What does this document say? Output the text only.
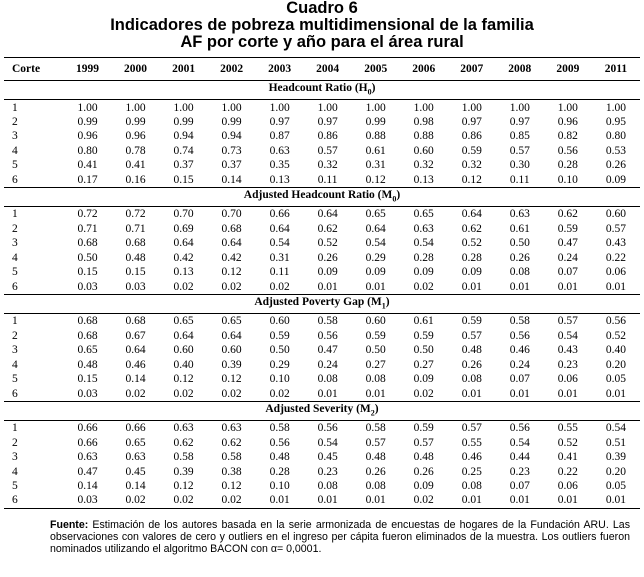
Cuadro 6
Indicadores de pobreza multidimensional de la familia
AF por corte y año para el área rural
Corte	1999	2000	2001	2002	2003	2004	2005	2006	2007	2008	2009	2011
Headcount Ratio $(H_0)$												
1	1.00	1.00	1.00	1.00	1.00	1.00	1.00	1.00	1.00	1.00	1.00	1.00
2	0.99	0.99	0.99	0.99	0.97	0.97	0.99	0.98	0.97	0.97	0.96	0.95
3	0.96	0.96	0.94	0.94	0.87	0.86	0.88	0.88	0.86	0.85	0.82	0.80
4	0.80	0.78	0.74	0.73	0.63	0.57	0.61	0.60	0.59	0.57	0.56	0.53
5	0.41	0.41	0.37	0.37	0.35	0.32	0.31	0.32	0.32	0.30	0.28	0.26
6	0.17	0.16	0.15	0.14	0.13	0.11	0.12	0.13	0.12	0.11	0.10	0.09
Adjusted Headcount Ratio $(M_0)$												
1	0.72	0.72	0.70	0.70	0.66	0.64	0.65	0.65	0.64	0.63	0.62	0.60
2	0.71	0.71	0.69	0.68	0.64	0.62	0.64	0.63	0.62	0.61	0.59	0.57
3	0.68	0.68	0.64	0.64	0.54	0.52	0.54	0.54	0.52	0.50	0.47	0.43
4	0.50	0.48	0.42	0.42	0.31	0.26	0.29	0.28	0.28	0.26	0.24	0.22
5	0.15	0.15	0.13	0.12	0.11	0.09	0.09	0.09	0.09	0.08	0.07	0.06
6	0.03	0.03	0.02	0.02	0.02	0.01	0.01	0.02	0.01	0.01	0.01	0.01
Adjusted Poverty Gap $(M_1)$												
1	0.68	0.68	0.65	0.65	0.60	0.58	0.60	0.61	0.59	0.58	0.57	0.56
2	0.68	0.67	0.64	0.64	0.59	0.56	0.59	0.59	0.57	0.56	0.54	0.52
3	0.65	0.64	0.60	0.60	0.50	0.47	0.50	0.50	0.48	0.46	0.43	0.40
4	0.48	0.46	0.40	0.39	0.29	0.24	0.27	0.27	0.26	0.24	0.23	0.20
5	0.15	0.14	0.12	0.12	0.10	0.08	0.08	0.09	0.08	0.07	0.06	0.05
6	0.03	0.02	0.02	0.02	0.02	0.01	0.01	0.02	0.01	0.01	0.01	0.01
Adjusted Severity $(M_2)$												
1	0.66	0.66	0.63	0.63	0.58	0.56	0.58	0.59	0.57	0.56	0.55	0.54
2	0.66	0.65	0.62	0.62	0.56	0.54	0.57	0.57	0.55	0.54	0.52	0.51
3	0.63	0.63	0.58	0.58	0.48	0.45	0.48	0.48	0.46	0.44	0.41	0.39
4	0.47	0.45	0.39	0.38	0.28	0.23	0.26	0.26	0.25	0.23	0.22	0.20
5	0.14	0.14	0.12	0.12	0.10	0.08	0.08	0.09	0.08	0.07	0.06	0.05
6	0.03	0.02	0.02	0.02	0.01	0.01	0.01	0.02	0.01	0.01	0.01	0.01
Fuente: Estimación de los autores basada en la serie armonizada de encuestas de hogares de la Fundación ARU. Las observaciones con valores de cero y outliers en el ingreso per cápita fueron eliminados de la muestra. Los outliers fueron nominados utilizando el algoritmo BACON con α= 0,0001.
